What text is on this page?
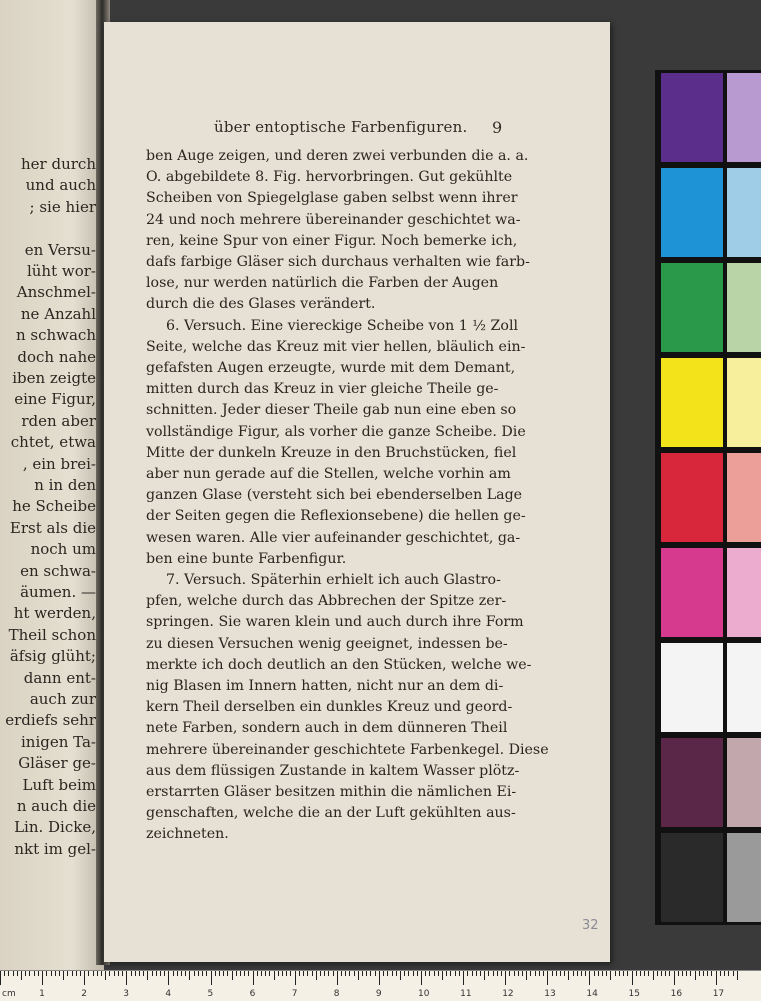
her durch
und auch
; sie hier
en Versu-
lüht wor-
Anschmel-
ne Anzahl
n schwach
doch nahe
iben zeigte
eine Figur,
rden aber
chtet, etwa
, ein brei-
n in den
he Scheibe
Erst als die
noch um
en schwa-
äumen. —
ht werden,
Theil schon
äfsig glüht;
dann ent-
auch zur
erdiefs sehr
inigen Ta-
Gläser ge-
Luft beim
n auch die
Lin. Dicke,
nkt im gel-
über entoptische Farbenfiguren. 9
32
ben Auge zeigen, und deren zwei verbunden die a. a.
O. abgebildete 8. Fig. hervorbringen. Gut gekühlte
Scheiben von Spiegelglase gaben selbst wenn ihrer
24 und noch mehrere übereinander geschichtet wa-
ren, keine Spur von einer Figur. Noch bemerke ich,
dafs farbige Gläser sich durchaus verhalten wie farb-
lose, nur werden natürlich die Farben der Augen
durch die des Glases verändert.
6. Versuch. Eine viereckige Scheibe von 1 ½ Zoll
Seite, welche das Kreuz mit vier hellen, bläulich ein-
gefafsten Augen erzeugte, wurde mit dem Demant,
mitten durch das Kreuz in vier gleiche Theile ge-
schnitten. Jeder dieser Theile gab nun eine eben so
vollständige Figur, als vorher die ganze Scheibe. Die
Mitte der dunkeln Kreuze in den Bruchstücken, fiel
aber nun gerade auf die Stellen, welche vorhin am
ganzen Glase (versteht sich bei ebenderselben Lage
der Seiten gegen die Reflexionsebene) die hellen ge-
wesen waren. Alle vier aufeinander geschichtet, ga-
ben eine bunte Farbenfigur.
7. Versuch. Späterhin erhielt ich auch Glastro-
pfen, welche durch das Abbrechen der Spitze zer-
springen. Sie waren klein und auch durch ihre Form
zu diesen Versuchen wenig geeignet, indessen be-
merkte ich doch deutlich an den Stücken, welche we-
nig Blasen im Innern hatten, nicht nur an dem di-
kern Theil derselben ein dunkles Kreuz und geord-
nete Farben, sondern auch in dem dünneren Theil
mehrere übereinander geschichtete Farbenkegel. Diese
aus dem flüssigen Zustande in kaltem Wasser plötz-
erstarrten Gläser besitzen mithin die nämlichen Ei-
genschaften, welche die an der Luft gekühlten aus-
zeichneten.
cm	1	2	3	4	5	6	7	8	9	10	11	12	13	14	15	16	17
